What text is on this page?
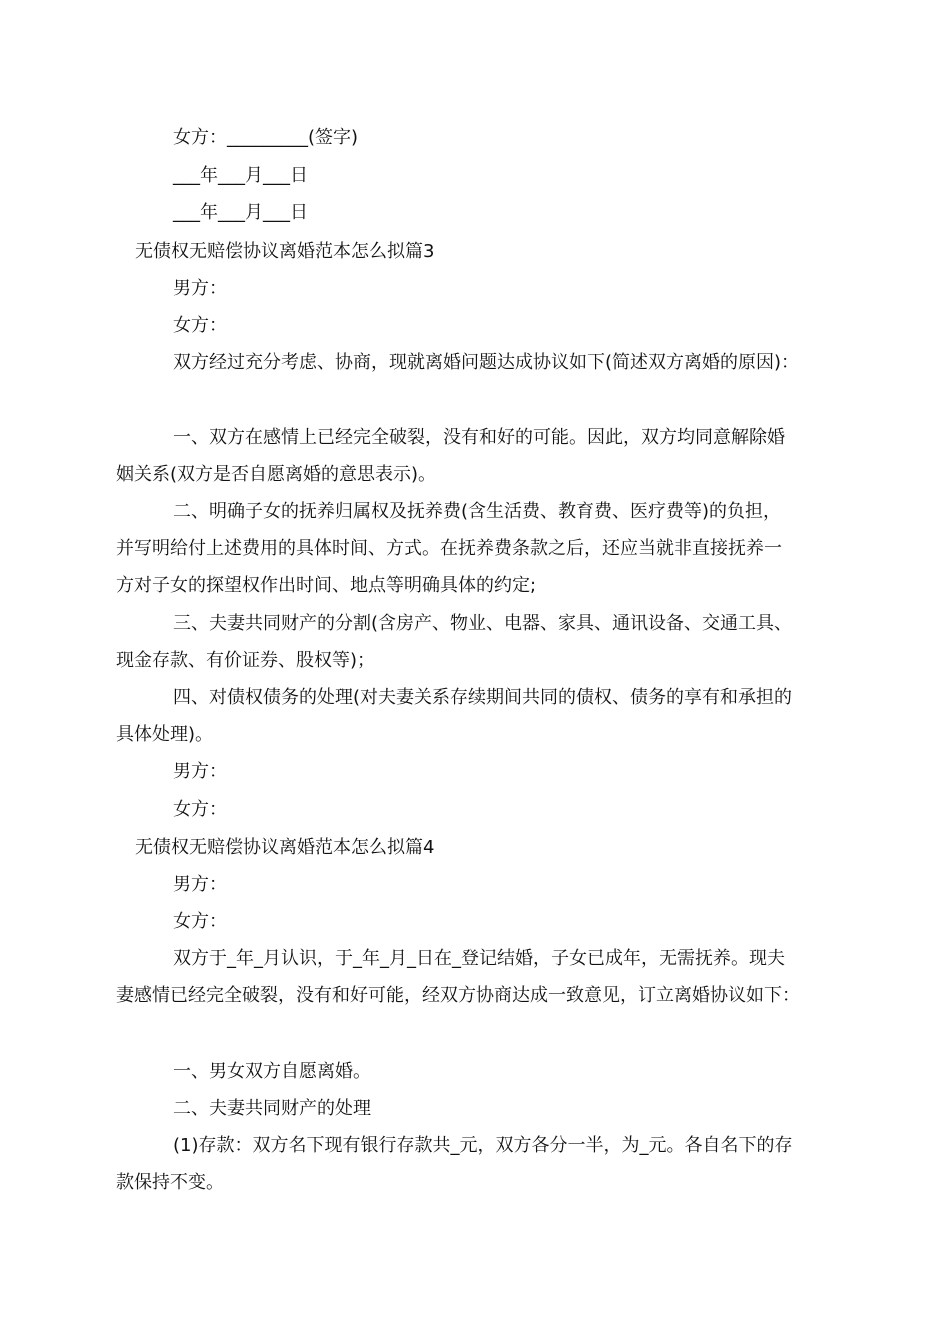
女方：_________(签字)
___年___月___日
___年___月___日
无债权无赔偿协议离婚范本怎么拟篇3
男方：
女方：
双方经过充分考虑、协商，现就离婚问题达成协议如下(简述双方离婚的原因)：
一、双方在感情上已经完全破裂，没有和好的可能。因此，双方均同意解除婚
姻关系(双方是否自愿离婚的意思表示)。
二、明确子女的抚养归属权及抚养费(含生活费、教育费、医疗费等)的负担，
并写明给付上述费用的具体时间、方式。在抚养费条款之后，还应当就非直接抚养一
方对子女的探望权作出时间、地点等明确具体的约定;
三、夫妻共同财产的分割(含房产、物业、电器、家具、通讯设备、交通工具、
现金存款、有价证券、股权等)；
四、对债权债务的处理(对夫妻关系存续期间共同的债权、债务的享有和承担的
具体处理)。
男方：
女方：
无债权无赔偿协议离婚范本怎么拟篇4
男方：
女方：
双方于_年_月认识，于_年_月_日在_登记结婚，子女已成年，无需抚养。现夫
妻感情已经完全破裂，没有和好可能，经双方协商达成一致意见，订立离婚协议如下：
一、男女双方自愿离婚。
二、夫妻共同财产的处理
(1)存款：双方名下现有银行存款共_元，双方各分一半，为_元。各自名下的存
款保持不变。
